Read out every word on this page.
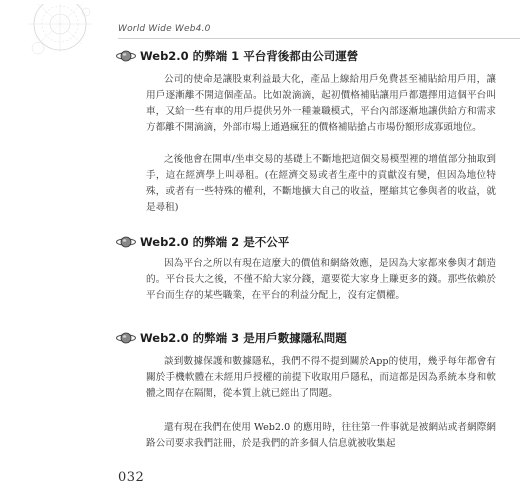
World Wide Web4.0
Web2.0 的弊端 1 平台背後都由公司運營

公司的使命是讓股東利益最大化，產品上線給用戶免費甚至補貼給用戶用，讓用戶逐漸離不開這個產品。比如說滴滴，起初價格補貼讓用戶都選擇用這個平台叫車，又給一些有車的用戶提供另外一種兼職模式，平台內部逐漸地讓供給方和需求方都離不開滴滴，外部市場上通過瘋狂的價格補貼搶占市場份額形成寡頭地位。

之後他會在開車/坐車交易的基礎上不斷地把這個交易模型裡的增值部分抽取到手，這在經濟學上叫尋租。(在經濟交易或者生產中的貢獻沒有變，但因為地位特殊，或者有一些特殊的權利，不斷地擴大自己的收益，壓縮其它參與者的收益，就是尋租)

Web2.0 的弊端 2 是不公平

因為平台之所以有現在這麼大的價值和網絡效應，是因為大家都來參與才創造的。平台長大之後，不僅不給大家分錢，還要從大家身上賺更多的錢。那些依賴於平台而生存的某些職業，在平台的利益分配上，沒有定價權。

Web2.0 的弊端 3 是用戶數據隱私問題

談到數據保護和數據隱私，我們不得不提到關於App的使用，幾乎每年都會有關於手機軟體在未經用戶授權的前提下收取用戶隱私，而這都是因為系統本身和軟體之間存在隔閡，從本質上就已經出了問題。

還有現在我們在使用 Web2.0 的應用時，往往第一件事就是被網站或者網際網路公司要求我們註冊，於是我們的許多個人信息就被收集起

032
